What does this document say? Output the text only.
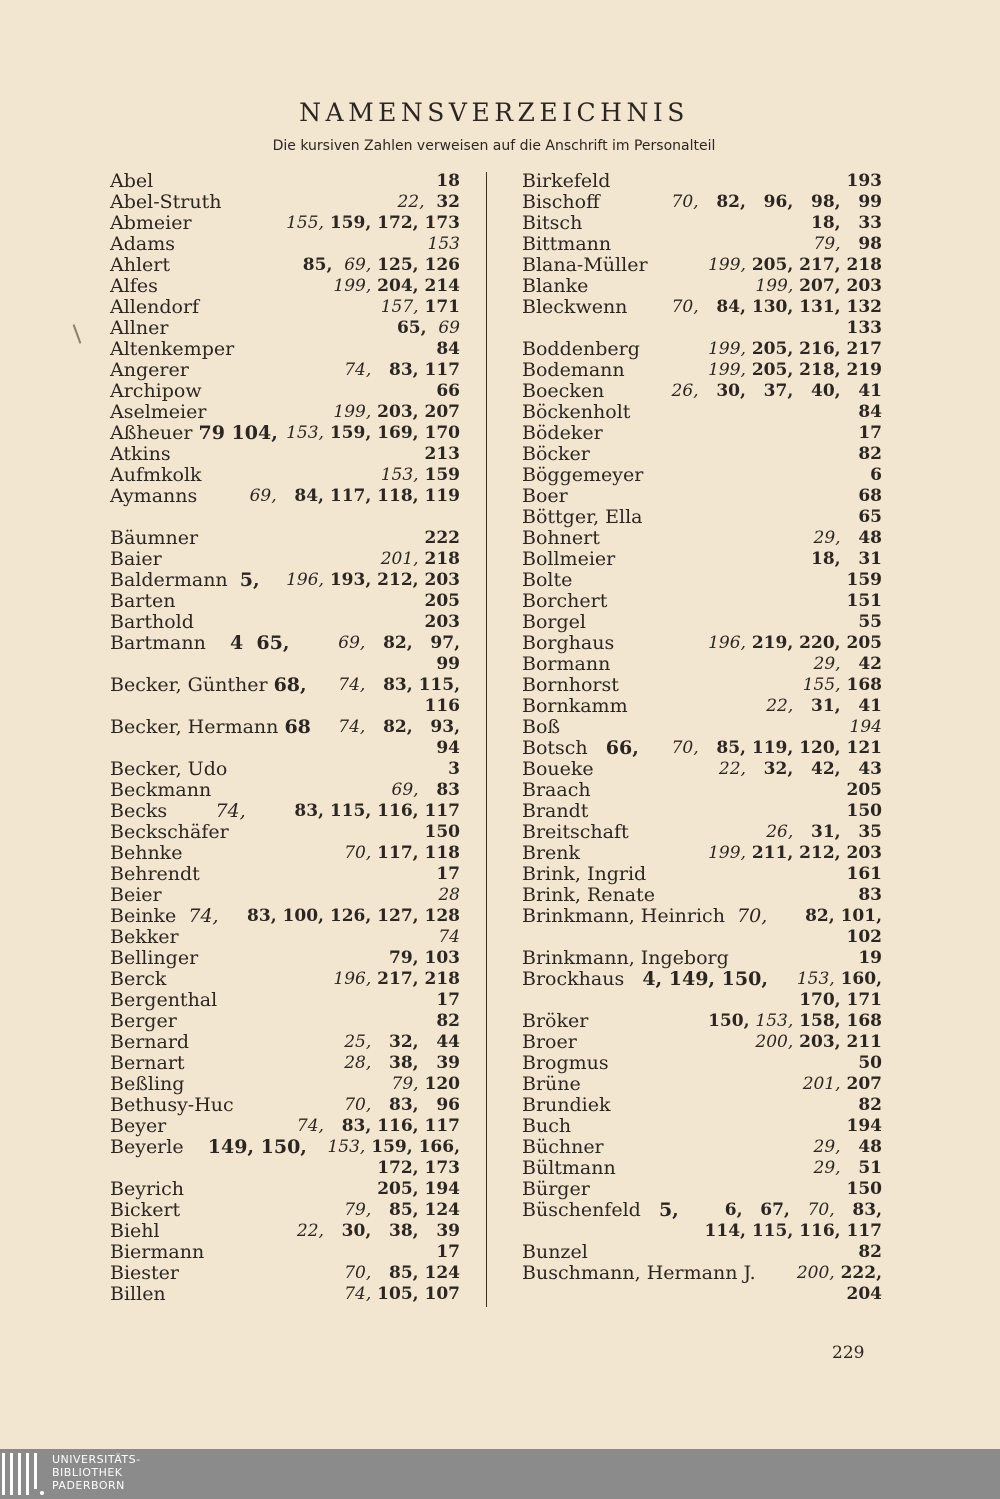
NAMENSVERZEICHNIS
Die kursiven Zahlen verweisen auf die Anschrift im Personalteil
Abel	18
Abel-Struth	22,  32
Abmeier	155, 159, 172, 173
Adams	153
Ahlert	85,  69, 125, 126
Alfes	199, 204, 214
Allendorf	157, 171
Allner	65,  69
Altenkemper	84
Angerer	74,   83, 117
Archipow	66
Aselmeier	199, 203, 207
Aßheuer 79 104, 153, 159, 169, 170
Atkins	213
Aufmkolk	153, 159
Aymanns	69,   84, 117, 118, 119
Bäumner	222
Baier	201, 218
Baldermann  5, 196, 193, 212, 203
Barten	205
Barthold	203
Bartmann    4  65,	69,   82,   97,
99
Becker, Günther 68, 74,   83, 115,
116
Becker, Hermann 68 74,   82,   93,
94
Becker, Udo	3
Beckmann	69,   83
Becks        74,	83, 115, 116, 117
Beckschäfer	150
Behnke	70, 117, 118
Behrendt	17
Beier	28
Beinke  74, 83, 100, 126, 127, 128
Bekker	74
Bellinger	79, 103
Berck	196, 217, 218
Bergenthal	17
Berger	82
Bernard	25,   32,   44
Bernart	28,   38,   39
Beßling	79, 120
Bethusy-Huc	70,   83,   96
Beyer	74,   83, 116, 117
Beyerle    149, 150, 153, 159, 166,
172, 173
Beyrich	205, 194
Bickert	79,   85, 124
Biehl	22,   30,   38,   39
Biermann	17
Biester	70,   85, 124
Billen	74, 105, 107
Birkefeld	193
Bischoff	70,   82,   96,   98,   99
Bitsch	18,   33
Bittmann	79,   98
Blana-Müller	199, 205, 217, 218
Blanke	199, 207, 203
Bleckwenn	70,   84, 130, 131, 132
133
Boddenberg	199, 205, 216, 217
Bodemann	199, 205, 218, 219
Boecken	26,   30,   37,   40,   41
Böckenholt	84
Bödeker	17
Böcker	82
Böggemeyer	6
Boer	68
Böttger, Ella	65
Bohnert	29,   48
Bollmeier	18,   31
Bolte	159
Borchert	151
Borgel	55
Borghaus	196, 219, 220, 205
Bormann	29,   42
Bornhorst	155, 168
Bornkamm	22,   31,   41
Boß	194
Botsch   66, 70,   85, 119, 120, 121
Boueke	22,   32,   42,   43
Braach	205
Brandt	150
Breitschaft	26,   31,   35
Brenk	199, 211, 212, 203
Brink, Ingrid	161
Brink, Renate	83
Brinkmann, Heinrich  70, 82, 101,
102
Brinkmann, Ingeborg	19
Brockhaus   4, 149, 150, 153, 160,
170, 171
Bröker	150, 153, 158, 168
Broer	200, 203, 211
Brogmus	50
Brüne	201, 207
Brundiek	82
Buch	194
Büchner	29,   48
Bültmann	29,   51
Bürger	150
Büschenfeld   5,	6,   67,   70,   83,
114, 115, 116, 117
Bunzel	82
Buschmann, Hermann J. 200, 222,
204
229
UNIVERSITÄTS-
BIBLIOTHEK
PADERBORN
